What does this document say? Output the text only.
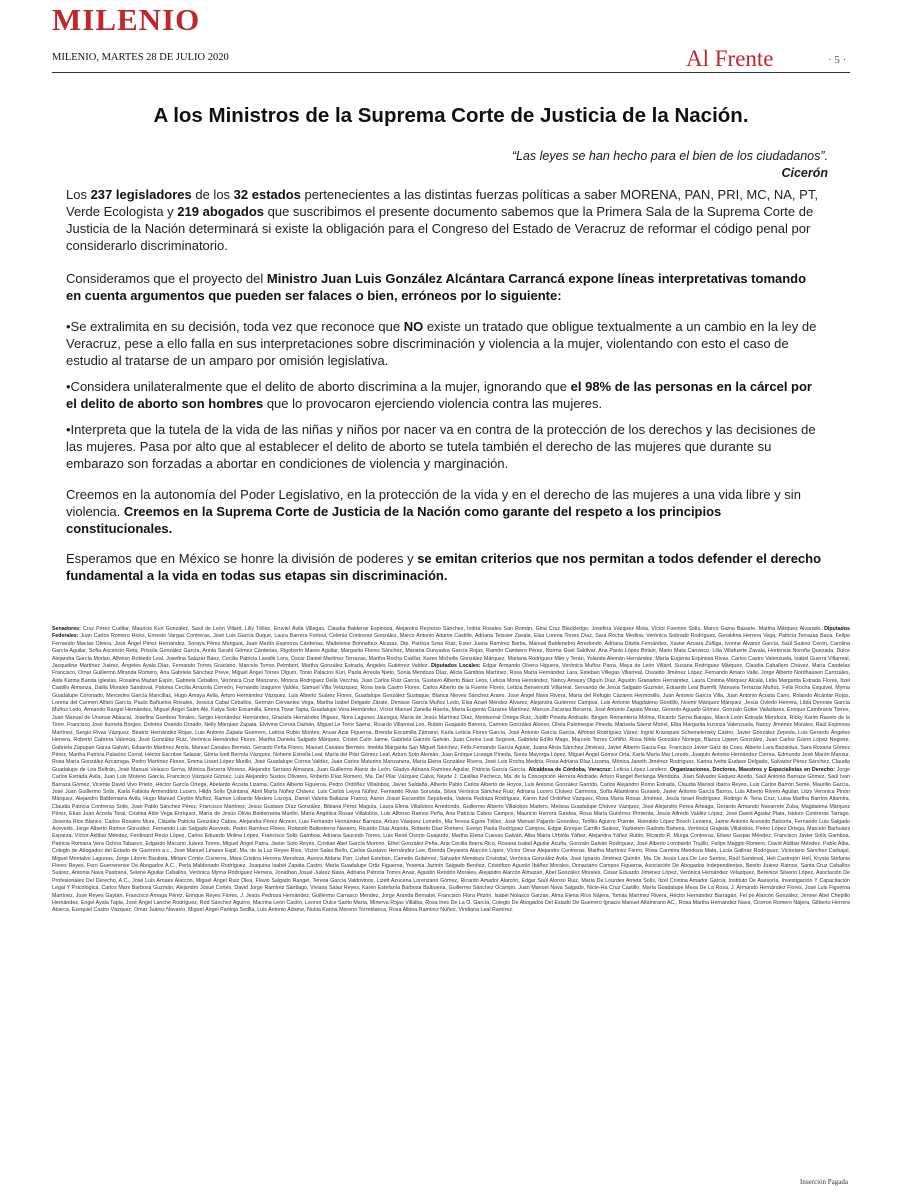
MILENIO
MILENIO, MARTES 28 DE JULIO 2020	Al Frente	· 5 ·
A los Ministros de la Suprema Corte de Justicia de la Nación.
“Las leyes se han hecho para el bien de los ciudadanos”.
Cicerón
Los 237 legisladores de los 32 estados pertenecientes a las distintas fuerzas políticas a saber MORENA, PAN, PRI, MC, NA, PT, Verde Ecologista y 219 abogados que suscribimos el presente documento sabemos que la Primera Sala de la Suprema Corte de Justicia de la Nación determinará si existe la obligación para el Congreso del Estado de Veracruz de reformar el código penal por considerarlo discriminatorio.
Consideramos que el proyecto del Ministro Juan Luis González Alcántara Carrancá expone líneas interpretativas tomando en cuenta argumentos que pueden ser falaces o bien, erróneos por lo siguiente:
•Se extralimita en su decisión, toda vez que reconoce que NO existe un tratado que obligue textualmente a un cambio en la ley de Veracruz, pese a ello falla en sus interpretaciones sobre discriminación y violencia a la mujer, violentando con esto el caso de estudio al tratarse de un amparo por omisión legislativa.
•Considera unilateralmente que el delito de aborto discrimina a la mujer, ignorando que el 98% de las personas en la cárcel por el delito de aborto son hombres que lo provocaron ejerciendo violencia contra las mujeres.
•Interpreta que la tutela de la vida de las niñas y niños por nacer va en contra de la protección de los derechos y las decisiones de las mujeres. Pasa por alto que al establecer el delito de aborto se tutela también el derecho de las mujeres que durante su embarazo son forzadas a abortar en condiciones de violencia y marginación.
Creemos en la autonomía del Poder Legislativo, en la protección de la vida y en el derecho de las mujeres a una vida libre y sin violencia. Creemos en la Suprema Corte de Justicia de la Nación como garante del respeto a los principios constitucionales.
Esperamos que en México se honre la división de poderes y se emitan criterios que nos permitan a todos defender el derecho fundamental a la vida en todas sus etapas sin discriminación.
Senadores: Cruz Pérez Cuéllar, Mauricio Kuri González, Sasil de León Villard, Lilly Téllez, Eruviel Ávila Villegas, Claudia Balderas Espinoza, Alejandra Reynoso Sánchez, Indira Rosales San Román, Gina Cruz Blackledge, Josefina Vázquez Mota, Víctor Fuentes Solís, Marco Gama Basarte, Martha Márquez Alvarado. Diputados Federales: Juan Carlos Romero Hicks, Ernesto Vargas Contreras, José Luis García Duque, Laura Barrera Fortoul, Celenia Contreras González, Marco Antonio Adame Castillo, Adriana Teissier Zavala, Elsa Lorena Torres Díaz, Sara Rocha Medina, Verónica Sobrado Rodríguez, Geraldina Herrera Vega, Patricia Terrazas Baca, Felipe Fernando Macías Olvera, José Ángel Pérez Hernández, Soraya Pérez Munguia, Juan Martín Espinoza Cárdenas, Madeleine Bonnafoux Alcaraz, Dip. Patricia Sosa Ruiz, Ester Juana Ramírez Barba, Manuel Baldenebro Arredondo, Adriana Dávila Fernández, Xavier Azuara Zúñiga, Ivonne Álvarez García, Saúl Suárez Cerón, Carolina García Aguilar, Sofía Ascencio Reta, Priscila González García, Annia Sarahí Gómez Cárdenas, Rigoberto Mares Aguilar, Margarita Flores Sánchez, Mariana Dunyaska García Rojas, Ramón Cambero Pérez, Norma Guel Saldivar, Ana Paola López Birlain, Mario Mata Carrasco, Lilia Villafuerte Zavala, Hortensia Noroña Quezada, Dulce Alejandra García Morlan, Alfonso Robledo Leal, Josefina Salazar Báez, Cecilia Patricia Lavalle Lora, Óscar Daniel Martínez Terrazas, Martha Rocha Cuéllar, Karen Michelle González Márquez, Mariana Rodríguez Mier y Terán, Yolanda Alemán Hernández, María Eugenia Espinosa Rivas, Carlos Castro Valenzuela, Isabel Guerra Villarreal, Jacqueline Martínez Juárez, Ángeles Ayala Díaz, Fernando Torres Graciano, Marcela Torres Peimbert, Martha González Estrada, Ángeles Gutiérrez Valdez. Diputados Locales: Edgar Armando Olvera Higuera, Verónica Muñoz Parra, Maya de León Villard, Susana Rodríguez Márquez, Claudia Caballero Chávez, María Candelas Francisco, Omar Guillermo Miranda Romero, Ana Gabriela Sánchez Preve, Miguel Ángel Torres Olguín, Tonio Palacios Kuri, Paola Arreola Nieto, Sonia Mendoza Díaz, Alicia Gamboa Martínez, Rosa María Hernández Lara, Esteban Villegas Villarreal, Osvaldo Jiménez López, Fernando Amaro Valle, Jorge Alberto Nordhausen Carrizales, Aida Karina Banda Iglesias, Rosalina Mazari Espín, Gabriela Ceballos, Verónica Cruz Manzano, Mónica Rodríguez Della Vecchia, Juan Carlos Ruiz García, Gustavo Alberto Báez Leos, Leticia Mona Hernández, Nancy Amaury Olguín Díaz, Agustín Granados Hernández, Laura Cristina Márquez Alcalá, Lidia Margarita Estrada Flores, Itzel Castillo Almanza, Dalila Morales Sandoval, Paloma Cecilia Arrazola Correón, Fernando Izaguirre Valdés, Samuel Villa Velázquez, Rosa Isela Castro Flores, Carlos Alberto de la Fuente Flores, Leticia Benvenutti Villarreal, Servando de Jesús Salgado Guzmán, Eduardo Leal Buenfil, Manuela Terrazas Muñoz, Félix Rocha Esquivel, Myrna Guadalupe Coronado, Mercedes García Mancillas, Hugo Amaya Avila, Arturo Hernández Vázquez, Luis Alberto Suárez Flores, Guadalupe González Sustaque, Blanca Nieves Sánchez Arano, José Ángel Nava Rivera, María del Refugio Cázares Hermosillo, Juan Antonio García Villa, Juan Antonio Acosta Cano, Rolando Alcántar Rojas, Lorena del Carmen Alfaro García, Paulo Bañuelos Rosales, Jessica Cabal Ceballos, Germán Cervantes Vega, Martha Isabel Delgado Zárate, Denisse García Muñoz Ledo, Elsa Azael Méndez Álvarez, Alejandra Gutiérrez Campos, Luis Antonio Magdaleno Gordillo, Noemí Márquez Márquez, Jesús Oviedo Herrera, Libia Dennise García Muñoz Ledo, Armando Rangel Hernández, Miguel Ángel Salim Alé, Katya Soto Escamilla, Emma Tovar Tapia, Guadalupe Vera Hernández, Víctor Manuel Zanella Huerta, María Eugenia Cázares Martínez, Marcos Zacarias Becerra, José Antonio Zapata Meraz, Gerardo Aguado Gómez, Gonzalo Gutier Valladares, Enrique Cambranis Torres, Juan Manuel de Unanue Abascal, Josefina Gamboa Torales, Sergio Hernández Hernández, Graciela Hernández Íñiguez, Nora Lagunes Jáuregui, María de Jesús Martínez Díaz, Montserrat Ortega Ruiz, Judith Pineda Andrade, Bingen Rementería Molina, Ricardo Serna Barajas, Marck León Estrada Mendoza, Ricky Karim Ravelo de la Torre, Francisco José Iturrieta Borges, Dolores Ovando Dorado, Nelly Márquez Zapata, Elvivina Correa Damán, Miguel Le Torre Sáenz, Ricardo Villarreal Loo, Rubén Guajardo Barrera, Carmen González Alonso, Olivia Palomeque Pineda, Marisela Sáenz Moriel, Elba Margarita Inzunza Valenzuela, Nancy Jiménez Morales, Raúl Espinosa Martínez, Sergio Rivas Vázquez, Beatriz Hernández Rojas, Luis Antonio Zapata Guerrero, Leticia Rubio Montes, Anuar Azar Figueroa, Brenda Escamilla Zámano, Karla Leticia Flores García, José Antonio García García, Alfonso Rodríguez Várez, Ingrid Krasopani Schemelensky Castro, Javier González Zepeda, Luis Gerardo Ángeles Herrera, Roberto Cabrera Valencia, José González Ruiz, Verónica Hernández Flores, Martha Daniela Salgado Márquez, Cristel Culin Jaime, Gabriela Garzón Galván, Juan Carlos Leal Segovia, Gabriela Edílio Mago, Marcelo Torres Coñiño, Rosa Nilda González Noriega, Blanca Lippen González, Juan Carlos Güern López Negrete, Gabriela Zapopan Garza Galván, Eduardo Martínez Arcila, Manuel Canales Berméo, Gerardo Peña Flores, Manuel Canales Berméo, Imelda Margarita San Miguel Sánchez, Félix Fernando García Aguiar, Juana Alicia Sánchez Jiménez, Javier Alberto Garza Faz, Francisco Javier Garz de Coss, Alberto Lara Bazaldua, Sara Roxana Gómez Pérez, Martha Patricia Palacios Corral, Héctor Escobar Salazar, Gloria Ivett Bermía Vázquez, Nohemi Estrella Leal, María del Pilar Gómez Leal, Arturo Soto Alemán, Juan Enrique Liceaga Pineda, Sonia Mayorga López, Miguel Ángel Gómez Orta, Karla María Mar Loredo, Joaquín Antonio Hernández Correa, Edmundo José Marón Manzur, Rosa María González Azcarraga, Pedro Martínez Flores, Emma Lisset López Murillo, José Guadalupe Correa Valdéz, Juan Carlos Maturino Manzanera, María Elena González Rivera, José Luis Rocha Medina, Rosa Adriana Díaz Lizama, Mónica Janeth Jiménez Rodríguez, Karina Ivette Eudave Delgado, Salvador Pérez Sánchez, Claudia Guadalupe de Lira Beltrán, José Manuel Velasco Serna, Mónica Becerra Moreno, Alejandro Serrano Almanza, Juan Guillermo Alaniz de León, Gladys Adriana Ramírez Aguilar, Patricia García García. Alcaldesa de Córdoba, Veracruz: Leticia López Landero. Organizaciones, Doctores, Maestros y Especialistas en Derecho: Jorge Carlos Estrada Ávila, Juan Luis Moreno García, Francisco Vázquez Gómez, Luis Alejandro Sustos Olivares, Roberto Díaz Romero, Ma. Del Pilar Vázquez Calva, Nayde J. Casillas Pacheco, Ma. de la Concepción Herrera Andrade, Arturo Rangel Berlanga Mendoza, Juan Salvador Esquéz Acedo, Saúl Antonio Barraza Gómez, Saúl Ivan Barraza Gómez, Vicente David Vivo Prieto, Héctor García Ortega, Abelardo Acosta Lizama, Carlos Alberto Figueroa, Pedro Ordóñez Villalobos, Javier Saldaña, Alberto Pablo Carlos Alberto de Hoyos, Luis Antonio González Garrido, Carlos Alejandro Romo Estrada, Claudia Marisol Ibarra Reyes, Luis Carlos Barrón Seme, Maurilio García, José Juan Guillermo Solis, Karla Fabiola Armendáriz Lucero, Hilda Solís Quintana, Abril María Núñez Chávez, Luis Carlos Leyva Núñez, Fernando Rivas Sorunda, Silvia Verónica Sánchez Ruiz, Adriana Lucero Chávez Carmona, Sofía Altamirano Guraieb, Javier Antonio García Barros, Luis Alberto Rivero Aguilar, Litzy Veronica Pinón Márquez, Alejandro Baldemarra Avila, Hugo Manuel Ceylón Muñoz, Ramon Lobardo Medero Lozoya, Daniel Valeria Baltazar Franco, Aarón Josué Escandón Sepúlveda, Valeria Pedraza Rodríguez, Karen Itzel Ordóñez Vázquez, Rosa María Rosas Jiménez, Jesús Israel Rodríguez, Rodrigo A. Tena Cruz, Luisa Martha Barrios Altamira, Claudia Patricia Contreras Solis, Juan Pablo Sánchez Pérez, Francisco Martínez, Jesús Gustavo Díaz González, Bibiana Pérez Maguía, Laura Elena Villalobos Arredondo, Guillermo Alberto Villalobos Madero, Melissa Guadalupe Chávez Vázquez, José Alejandro Perea Arteaga, Gerardo Armando Navarrete Zuba, Magdalena Márquez Pérez, Elías Juan Acosta Toral, Cristina Alde Vega Enríquez, María de Jesús Olivia Balderrama Murillo, María Angélica Rosas Villalobos, Luis Alfonso Ramos Peña, Ana Patricia Cabos Campos, Mauricio Herrera Gardea, Rosa María Gutiérrez Pimienta, Jesús Alfredo Valdéz López, José David Aguilar Plata, Isidoro Contreras Tarrago, Jissenia Rios Blanco, Carlos Rosales Mure, Claudia Patricia González Cabos, Alejandra Pérez Alcocer, Luis Fernando Hernández Barraza, Arturo Vásquez Lomelín, Ma Teresa Egure Téllez, José Manuel Pajardo González, Teofilo Aguirre Puente, Reinaldo López Bosch Lezama, Jaime Antonio Acevedo Balcorta, Fernando Luis Salgado Acevedo, Jorge Alberto Ramos González, Fernando Luis Salgado Acevedo, Pedro Ramírez Flores, Rolando Ballesteros Navarro, Ricardo Díaz Aranda, Roberto Díaz Romero, Evelyn Paola Rodríguez Campos, Edgar Enrique Carrillo Suárez, Yazbelem Galindo Bahena, Verónica Grajeda Villalobos, Pedro López Ortega, Marcelo Barbuiani Esparza, Víctor Aldibar Méndez, Ferdinard Recio López, Carlos Eduardo Molina López, Francisco Solis Gamboa, Adriana Saucedo Torres, Luis René Osorio Guajardo, Martha Elena Cuevas Galván, Alba María Urbióla Yáñez, Alejandra Yáñez Rubio, Ricardo R. Murga Contreras, Eliseo Gaspar Méndez, Francisco Javier Solís Gamboa, Patricia Romana Vera Ochoa Tabasco, Edgardo Macario Juárez Torres, Miguel Ángel Parra, Javier Soto Reyes, Cristian Abel García Moreno, Ethel González Peña, Ana Cecilia Ibarra Rico, Roxana Isabel Aguilar Acuña, Gonzalo Galván Rodríguez, José Alberto Lombardo Trujillo, Felipe Maggio Romero, David Aldibar Méndez, Pablo Alba, Colegio de Abogados del Estado de Guerrero a.c., José Manuel Linares Espil, Ma. de la Luz Reyes Rios, Víctor Salas Bello, Carlos Gustavo Hernández Lee, Brenda Deyanira Alarcón López, Víctor Omar Alejandro Contreras, Martha Martínez Fierro, Rosa Carmina Mendoza Mata, Lucia Gallnaz Rodríguez, Victoriano Sánchez Carbajal, Miguel Montalvo Lagunas, Jorge Liborio Bautista, Miriam Cortéz Cisneros, Mara Cristina Herrera Mendoza, Aurora Aldana Parr, Lizbet Esteban, Camelio Gutiérrez, Salvador Mendoza Cristobal, Verónica González Avila, José Ignacio Jiménez Quintín, Ma. De Jesús Lara De Leo Santos, Raúl Sandoval, Heli Castrejón Heli, Krysta Stefania Flores Reyes, Foro Guerrerense De Abogados A.C., Perla Maldonado Rodríguez, Joaquina Isabel Zapata Castro, María Guadalupe Ortiz Figueroa, Yesenia Jazmín Salgado Benítez, Cristóforo Agustín Ibáñez Morales, Donaciano Campos Figueroa, Asociación De Abogados Independientes, Benito Juárez Ramos, Santa Cruz Ceballos Suárez, Antonia Nava Pastrana, Selene Aguilar Ceballos, Verónica Myrna Rodríguez Herrera, Jonathan Josué Juárez Nava, Adriana Patricia Torres Arvar, Agustín Rendón Morales, Alejandro Alarcón Almazan, Abel González Morales, Cesar Eduardo Jiménez López, Verónica Hernández Velazquez, Berenice Silverio López, Asociación De Profesionales Del Derecho, A.C., José Luis Arnaes Alarcón, Miguel Ángel Ruiz Olea, Flavio Salgado Rangel, Teresa García Valdovinos, Lizett Azucena Lorenzano Gómez, Ricardo Amador Alarcón, Edgar Saúl Alonso Ruiz, María De Lourdes Arrieta Solís, Itzel Cristina Amador García, Instituto De Asesoría, Investigación Y Capacitación Legal Y Psicológica, Carlos Marx Barbosa Guzmán, Alejandro Josué Cortés, David Jorge Ramírez Santiago, Viviana Salas Reyes, Karen Estefanía Barbosa Balbuena, Guillermo Sánchez Ocampo, Juan Manuel Nava Salgado, Nicte-Ha Cruz Castillo, María Guadalupe Mesa De La Rosa, J. Armando Hernández Flores, José Luis Figueroa Martínez, José Reyes Gaytán, Francisco Arriaga Pérez, Enrique Reyes Flores, J. Jesús Pedroza Hernández, Guillermo Carrasco Mendez, Jorge Aranda Bernabé, Francisco Flora Pitzón, Isabel Nolasco Garzan, Alma Elena Ríos Nájera, Tomás Martínez Rivera, Héctor Hernández Barragán, Fel pe Alarcón González, Jenner Abel Chepillo Hernández, Engel Ayala Tapia, José Ángel Lanche Rodríguez, Rod Sánchez Aguirre, Macrina León Castro, Leonor Dulce Santo María, Minerva Rojas Villalba, Rosa Ines De La O. García, Colegio De Abogados Del Estado De Guerrero Ignacio Manuel Altamirano AC., Rosa Martha Hernández Nava, Ciceron Romero Nájera, Gilberto Herrera Abarca, Ezequiel Castro Vázquez, Omar Juárez Navarro, Miguel Ángel Pantoja Sedlla, Luis Antonio Adame, Nubia Karina Moreno Torreblanca, Rosa Albina Ramírez Núñez, Viridiana Leal Ramírez.
Inserción Pagada
